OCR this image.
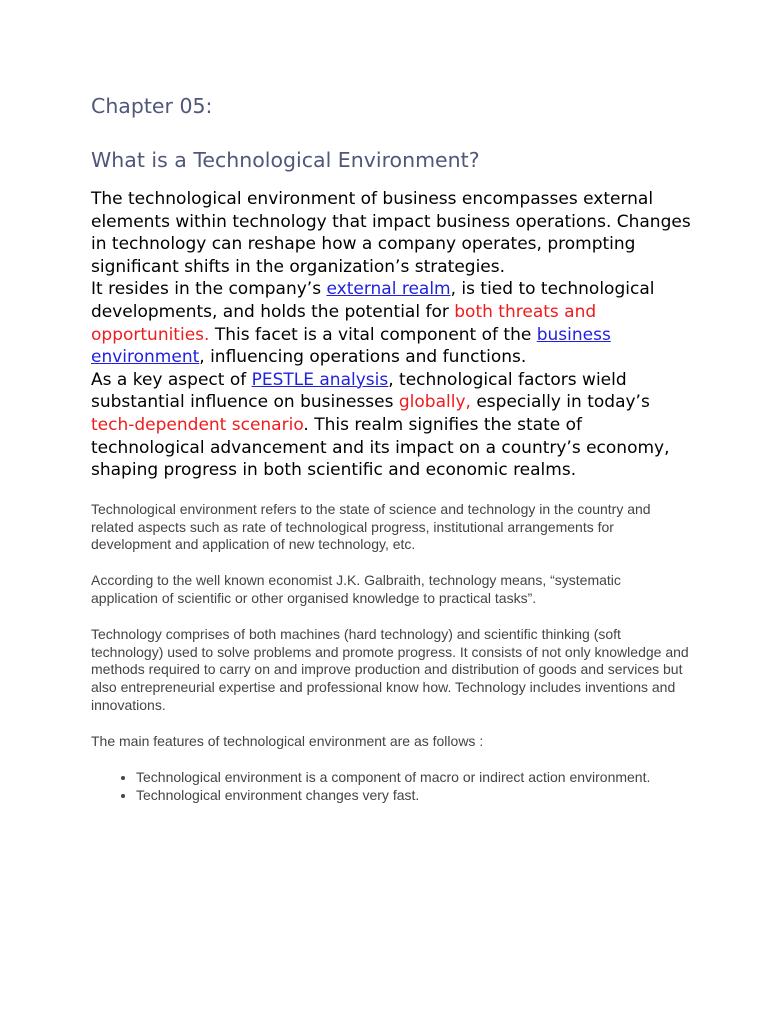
Chapter 05:
What is a Technological Environment?

The technological environment of business encompasses external elements within technology that impact business operations. Changes in technology can reshape how a company operates, prompting significant shifts in the organization’s strategies.

It resides in the company’s external realm, is tied to technological developments, and holds the potential for both threats and opportunities. This facet is a vital component of the business environment, influencing operations and functions.

As a key aspect of PESTLE analysis, technological factors wield substantial influence on businesses globally, especially in today’s tech-dependent scenario. This realm signifies the state of technological advancement and its impact on a country’s economy, shaping progress in both scientific and economic realms.

Technological environment refers to the state of science and technology in the country and related aspects such as rate of technological progress, institutional arrangements for development and application of new technology, etc.

According to the well known economist J.K. Galbraith, technology means, “systematic application of scientific or other organised knowledge to practical tasks”.

Technology comprises of both machines (hard technology) and scientific thinking (soft technology) used to solve problems and promote progress. It consists of not only knowledge and methods required to carry on and improve production and distribution of goods and services but also entrepreneurial expertise and professional know how. Technology includes inventions and innovations.

The main features of technological environment are as follows :

• Technological environment is a component of macro or indirect action environment.
• Technological environment changes very fast.
